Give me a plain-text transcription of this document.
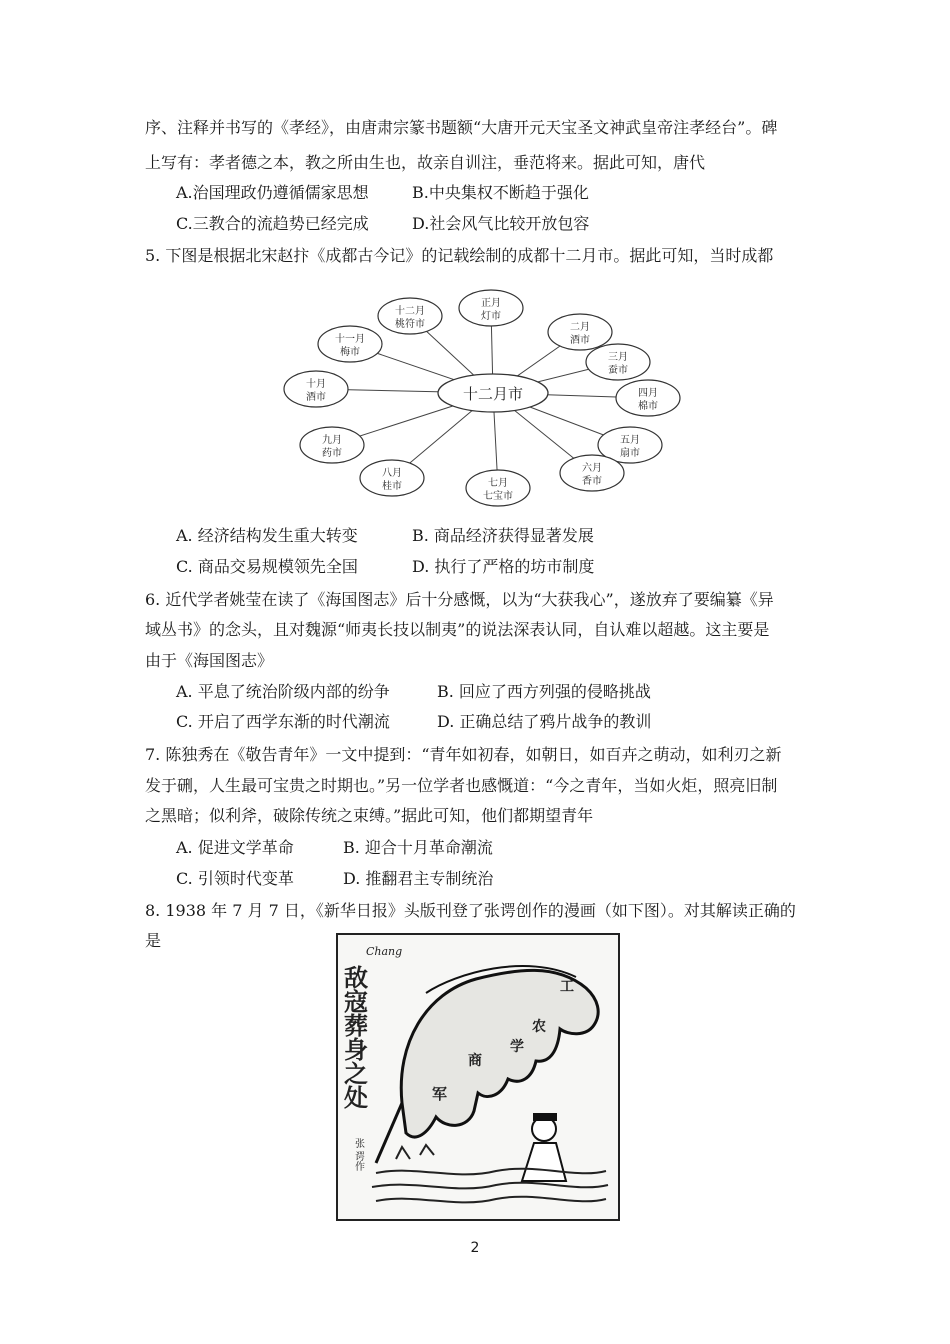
序、注释并书写的《孝经》，由唐肃宗篆书题额“大唐开元天宝圣文神武皇帝注孝经台”。碑
上写有：孝者德之本，教之所由生也，故亲自训注，垂范将来。据此可知，唐代
A.治国理政仍遵循儒家思想	B.中央集权不断趋于强化
C.三教合的流趋势已经完成	D.社会风气比较开放包容
5. 下图是根据北宋赵抃《成都古今记》的记载绘制的成都十二月市。据此可知，当时成都
正月
灯市
二月
酒市
三月
蚕市
四月
棉市
五月
扇市
六月
香市
七月
七宝市
八月
桂市
九月
药市
十月
酒市
十一月
梅市
十二月
桃符市
十二月市
A. 经济结构发生重大转变	B. 商品经济获得显著发展
C. 商品交易规模领先全国	D. 执行了严格的坊市制度
6. 近代学者姚莹在读了《海国图志》后十分感慨，以为“大获我心”，遂放弃了要编纂《异
域丛书》的念头，且对魏源“师夷长技以制夷”的说法深表认同，自认难以超越。这主要是
由于《海国图志》
A. 平息了统治阶级内部的纷争	B. 回应了西方列强的侵略挑战
C. 开启了西学东渐的时代潮流	D. 正确总结了鸦片战争的教训
7. 陈独秀在《敬告青年》一文中提到：“青年如初春，如朝日，如百卉之萌动，如利刃之新
发于硎，人生最可宝贵之时期也。”另一位学者也感慨道：“今之青年，当如火炬，照亮旧制
之黑暗；似利斧，破除传统之束缚。”据此可知，他们都期望青年
A. 促进文学革命	B. 迎合十月革命潮流
C. 引领时代变革	D. 推翻君主专制统治
8. 1938 年 7 月 7 日，《新华日报》头版刊登了张谔创作的漫画（如下图）。对其解读正确的
是
敌寇葬身之处
Chang
张 谔作
工
农
学
商
军
2
